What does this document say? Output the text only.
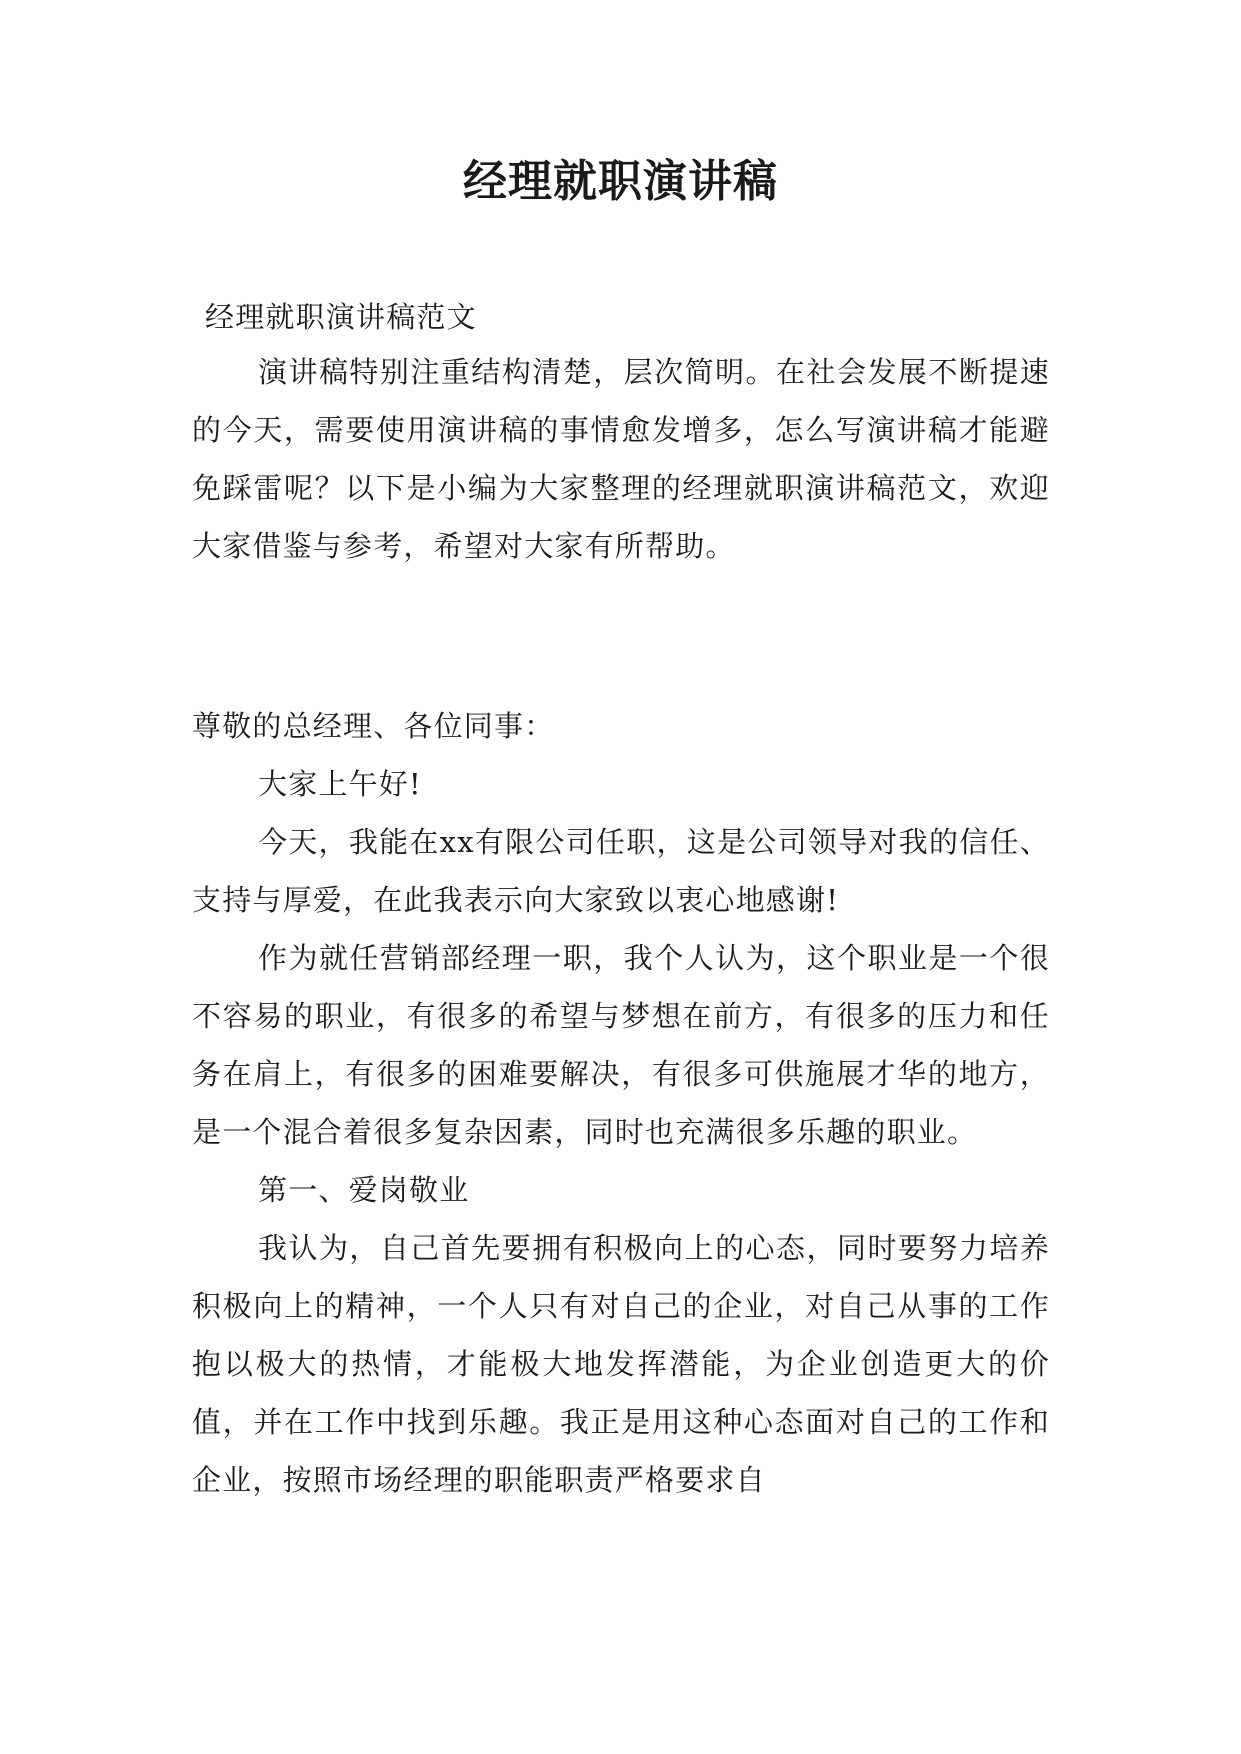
经理就职演讲稿

经理就职演讲稿范文

演讲稿特别注重结构清楚，层次简明。在社会发展不断提速的今天，需要使用演讲稿的事情愈发增多，怎么写演讲稿才能避免踩雷呢？以下是小编为大家整理的经理就职演讲稿范文，欢迎大家借鉴与参考，希望对大家有所帮助。

尊敬的总经理、各位同事：

大家上午好!

今天，我能在xx有限公司任职，这是公司领导对我的信任、支持与厚爱，在此我表示向大家致以衷心地感谢!

作为就任营销部经理一职，我个人认为，这个职业是一个很不容易的职业，有很多的希望与梦想在前方，有很多的压力和任务在肩上，有很多的困难要解决，有很多可供施展才华的地方，是一个混合着很多复杂因素，同时也充满很多乐趣的职业。

第一、爱岗敬业

我认为，自己首先要拥有积极向上的心态，同时要努力培养积极向上的精神，一个人只有对自己的企业，对自己从事的工作抱以极大的热情，才能极大地发挥潜能，为企业创造更大的价值，并在工作中找到乐趣。我正是用这种心态面对自己的工作和企业，按照市场经理的职能职责严格要求自
